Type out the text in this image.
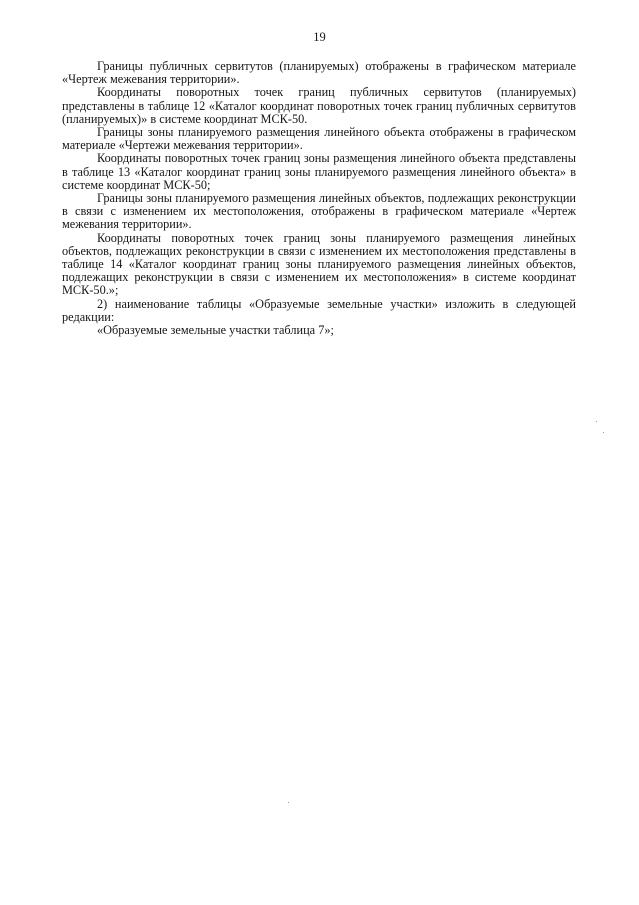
19

Границы публичных сервитутов (планируемых) отображены в графическом материале «Чертеж межевания территории».

Координаты поворотных точек границ публичных сервитутов (планируемых) представлены в таблице 12 «Каталог координат поворотных точек границ публичных сервитутов (планируемых)» в системе координат МСК-50.

Границы зоны планируемого размещения линейного объекта отображены в графическом материале «Чертежи межевания территории».

Координаты поворотных точек границ зоны размещения линейного объекта представлены в таблице 13 «Каталог координат границ зоны планируемого размещения линейного объекта» в системе координат МСК-50;

Границы зоны планируемого размещения линейных объектов, подлежащих реконструкции в связи с изменением их местоположения, отображены в графическом материале «Чертеж межевания территории».

Координаты поворотных точек границ зоны планируемого размещения линейных объектов, подлежащих реконструкции в связи с изменением их местоположения представлены в таблице 14 «Каталог координат границ зоны планируемого размещения линейных объектов, подлежащих реконструкции в связи с изменением их местоположения» в системе координат МСК-50.»;

2) наименование таблицы «Образуемые земельные участки» изложить в следующей редакции:

«Образуемые земельные участки таблица 7»;
